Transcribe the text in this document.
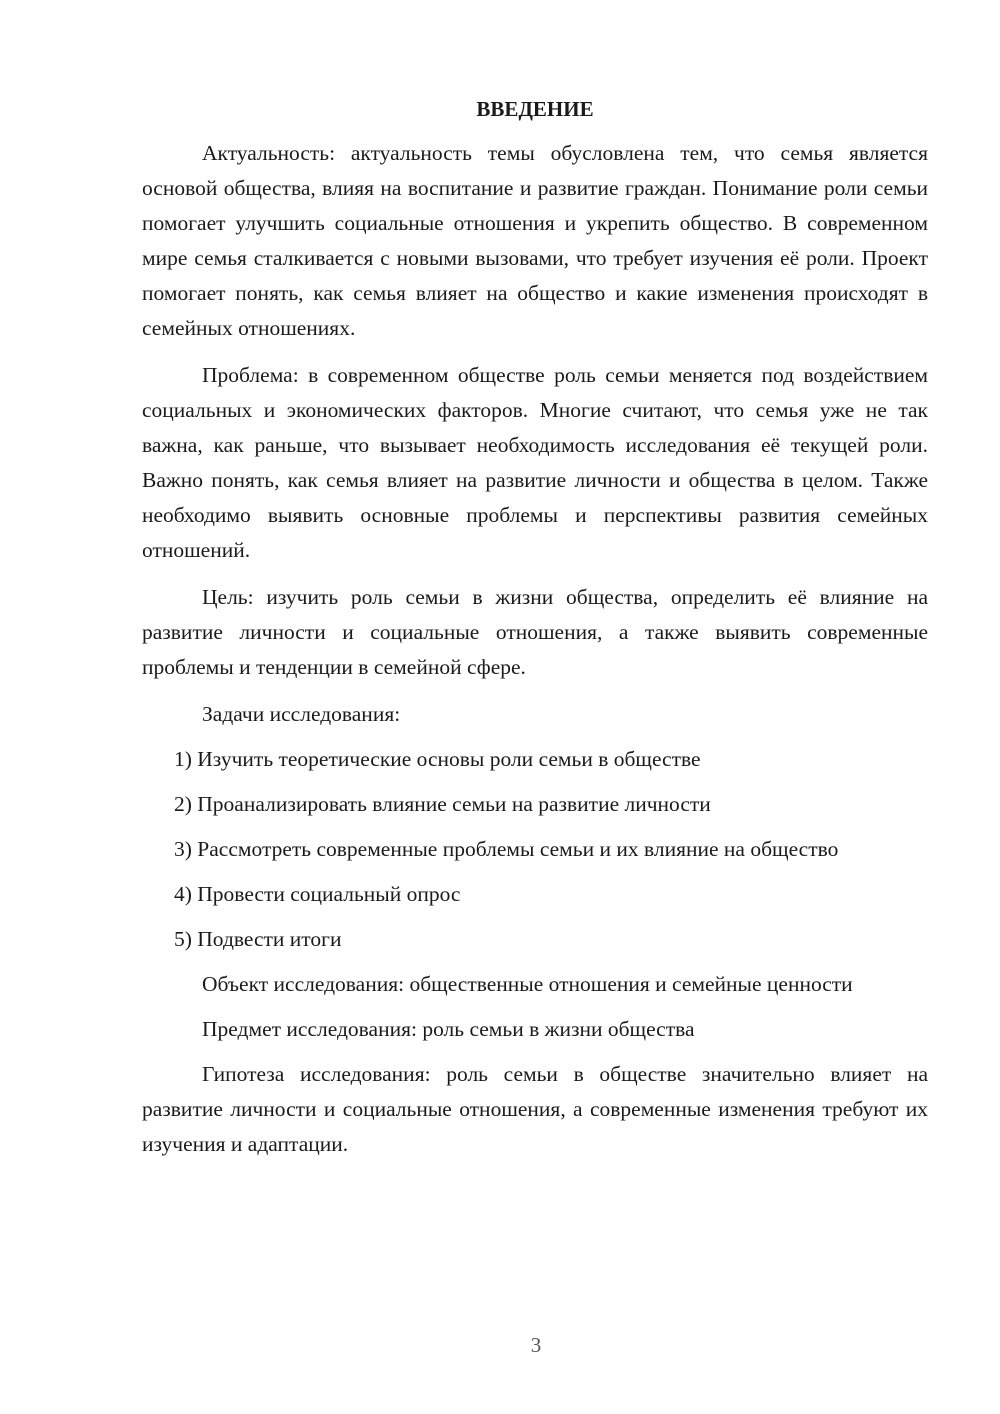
ВВЕДЕНИЕ

Актуальность: актуальность темы обусловлена тем, что семья является основой общества, влияя на воспитание и развитие граждан. Понимание роли семьи помогает улучшить социальные отношения и укрепить общество. В современном мире семья сталкивается с новыми вызовами, что требует изучения её роли. Проект помогает понять, как семья влияет на общество и какие изменения происходят в семейных отношениях.

Проблема: в современном обществе роль семьи меняется под воздействием социальных и экономических факторов. Многие считают, что семья уже не так важна, как раньше, что вызывает необходимость исследования её текущей роли. Важно понять, как семья влияет на развитие личности и общества в целом. Также необходимо выявить основные проблемы и перспективы развития семейных отношений.

Цель: изучить роль семьи в жизни общества, определить её влияние на развитие личности и социальные отношения, а также выявить современные проблемы и тенденции в семейной сфере.

Задачи исследования:

1) Изучить теоретические основы роли семьи в обществе

2) Проанализировать влияние семьи на развитие личности

3) Рассмотреть современные проблемы семьи и их влияние на общество

4) Провести социальный опрос

5) Подвести итоги

Объект исследования: общественные отношения и семейные ценности

Предмет исследования: роль семьи в жизни общества

Гипотеза исследования: роль семьи в обществе значительно влияет на развитие личности и социальные отношения, а современные изменения требуют их изучения и адаптации.

3
